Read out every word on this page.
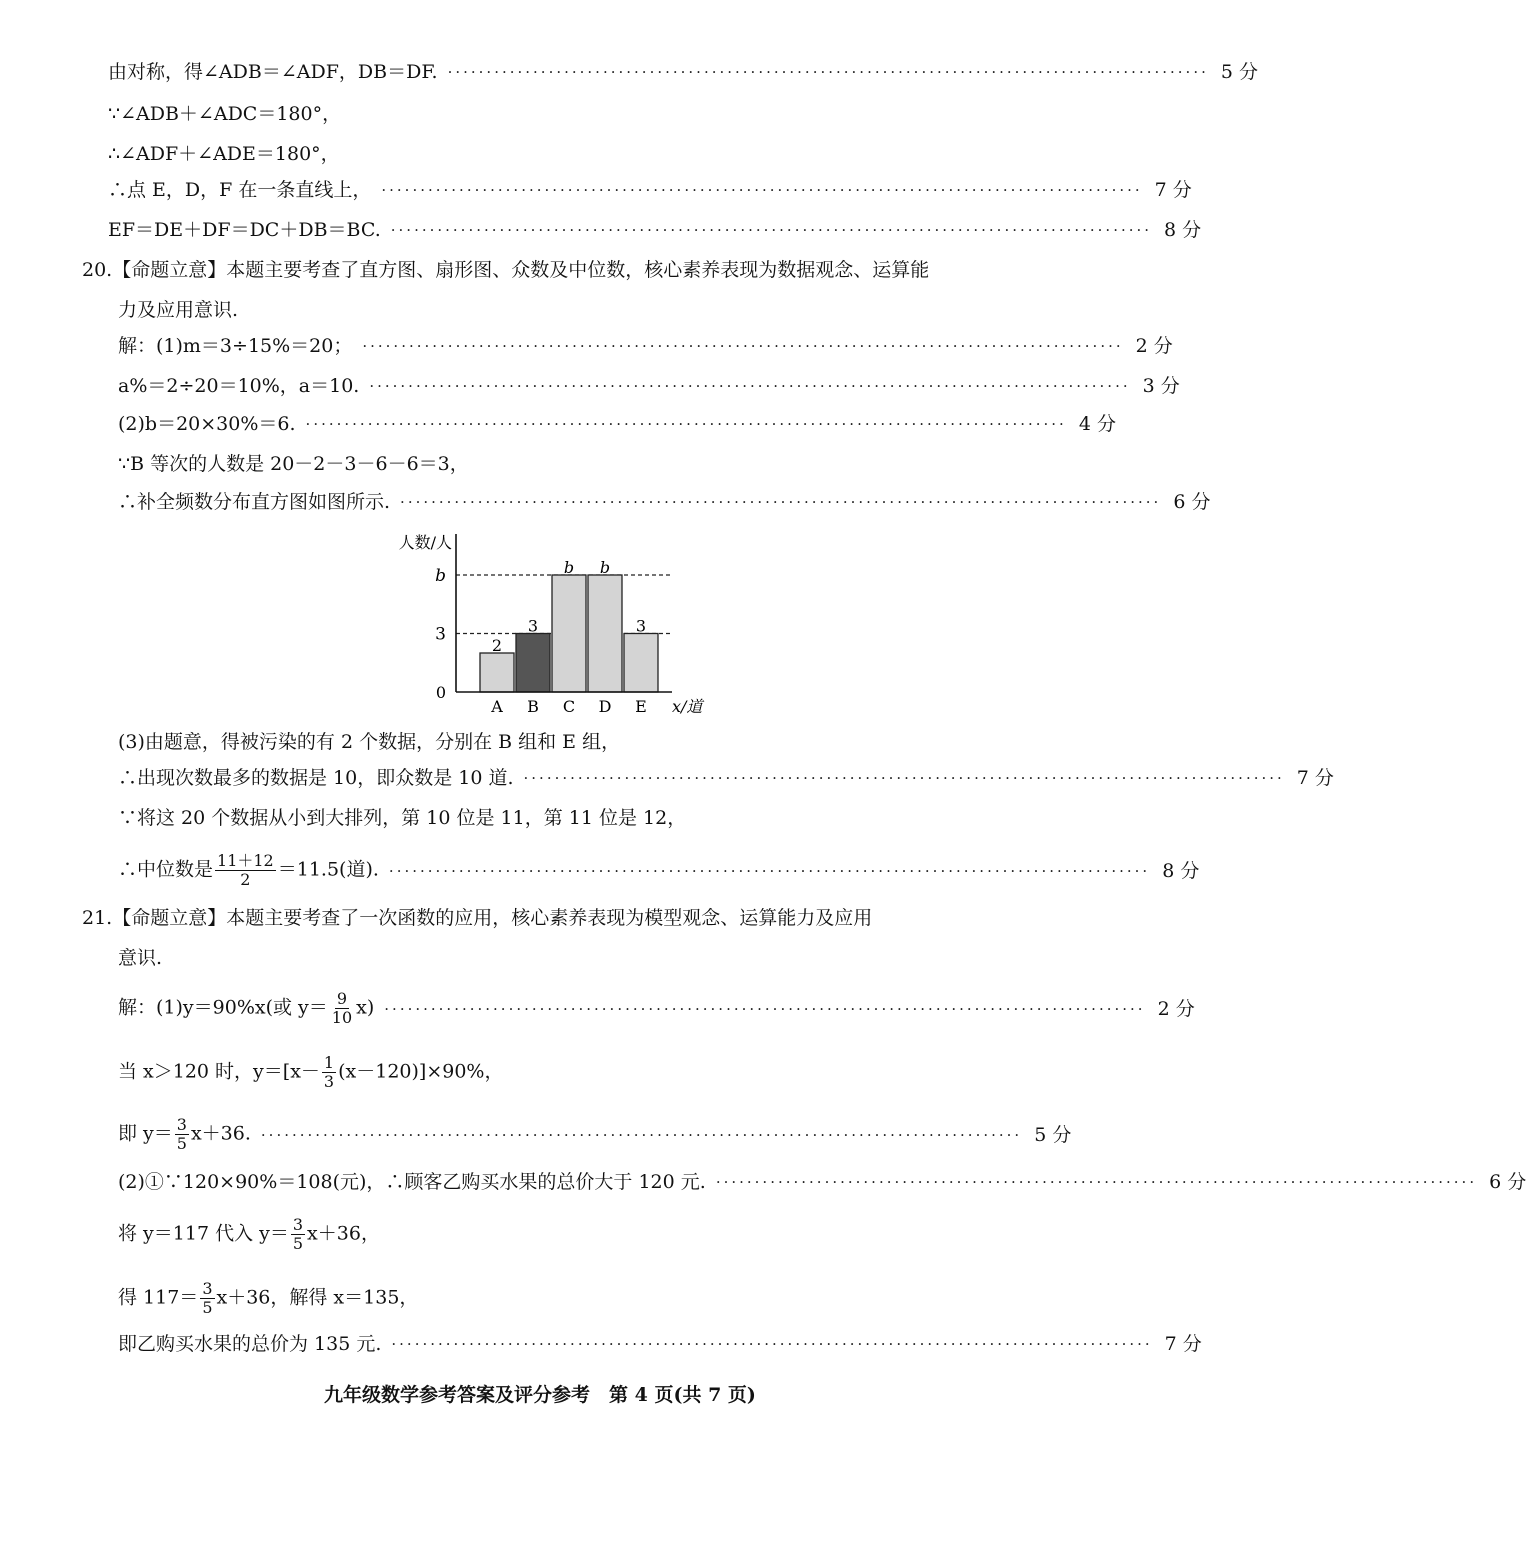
由对称，得∠ADB＝∠ADF，DB＝DF. ·································································································· 5 分
∵∠ADB＋∠ADC＝180°，
∴∠ADF＋∠ADE＝180°，
∴点 E，D，F 在一条直线上， ·································································································· 7 分
EF＝DE＋DF＝DC＋DB＝BC. ·································································································· 8 分
20.【命题立意】本题主要考查了直方图、扇形图、众数及中位数，核心素养表现为数据观念、运算能
力及应用意识.
解：(1)m＝3÷15%＝20； ·································································································· 2 分
a%＝2÷20＝10%，a＝10. ·································································································· 3 分
(2)b＝20×30%＝6. ·································································································· 4 分
∵B 等次的人数是 20－2－3－6－6＝3，
∴补全频数分布直方图如图所示. ·································································································· 6 分
3
b
2
A
3
B
b
C
b
D
3
E
人数/人
x/道
0
(3)由题意，得被污染的有 2 个数据，分别在 B 组和 E 组，
∴出现次数最多的数据是 10，即众数是 10 道. ·································································································· 7 分
∵将这 20 个数据从小到大排列，第 10 位是 11，第 11 位是 12，
∴中位数是 $\frac{11+12}{2} =11.5$(道). ·································································································· 8 分
21.【命题立意】本题主要考查了一次函数的应用，核心素养表现为模型观念、运算能力及应用
意识.
解：(1)y＝90%x(或 $y= \frac{9}{10} x$) ·································································································· 2 分
当 x＞120 时，$y=[x- \frac{1}{3} (x-120)]\times 90\%$，
即 $y= \frac{3}{5} x+36$. ·································································································· 5 分
(2)①∵120×90%＝108(元)，∴顾客乙购买水果的总价大于 120 元. ·································································································· 6 分
将 y＝117 代入 $y= \frac{3}{5} x+36$，
得 $117= \frac{3}{5} x+36$，解得 x＝135，
即乙购买水果的总价为 135 元. ·································································································· 7 分
九年级数学参考答案及评分参考　第 4 页(共 7 页)
